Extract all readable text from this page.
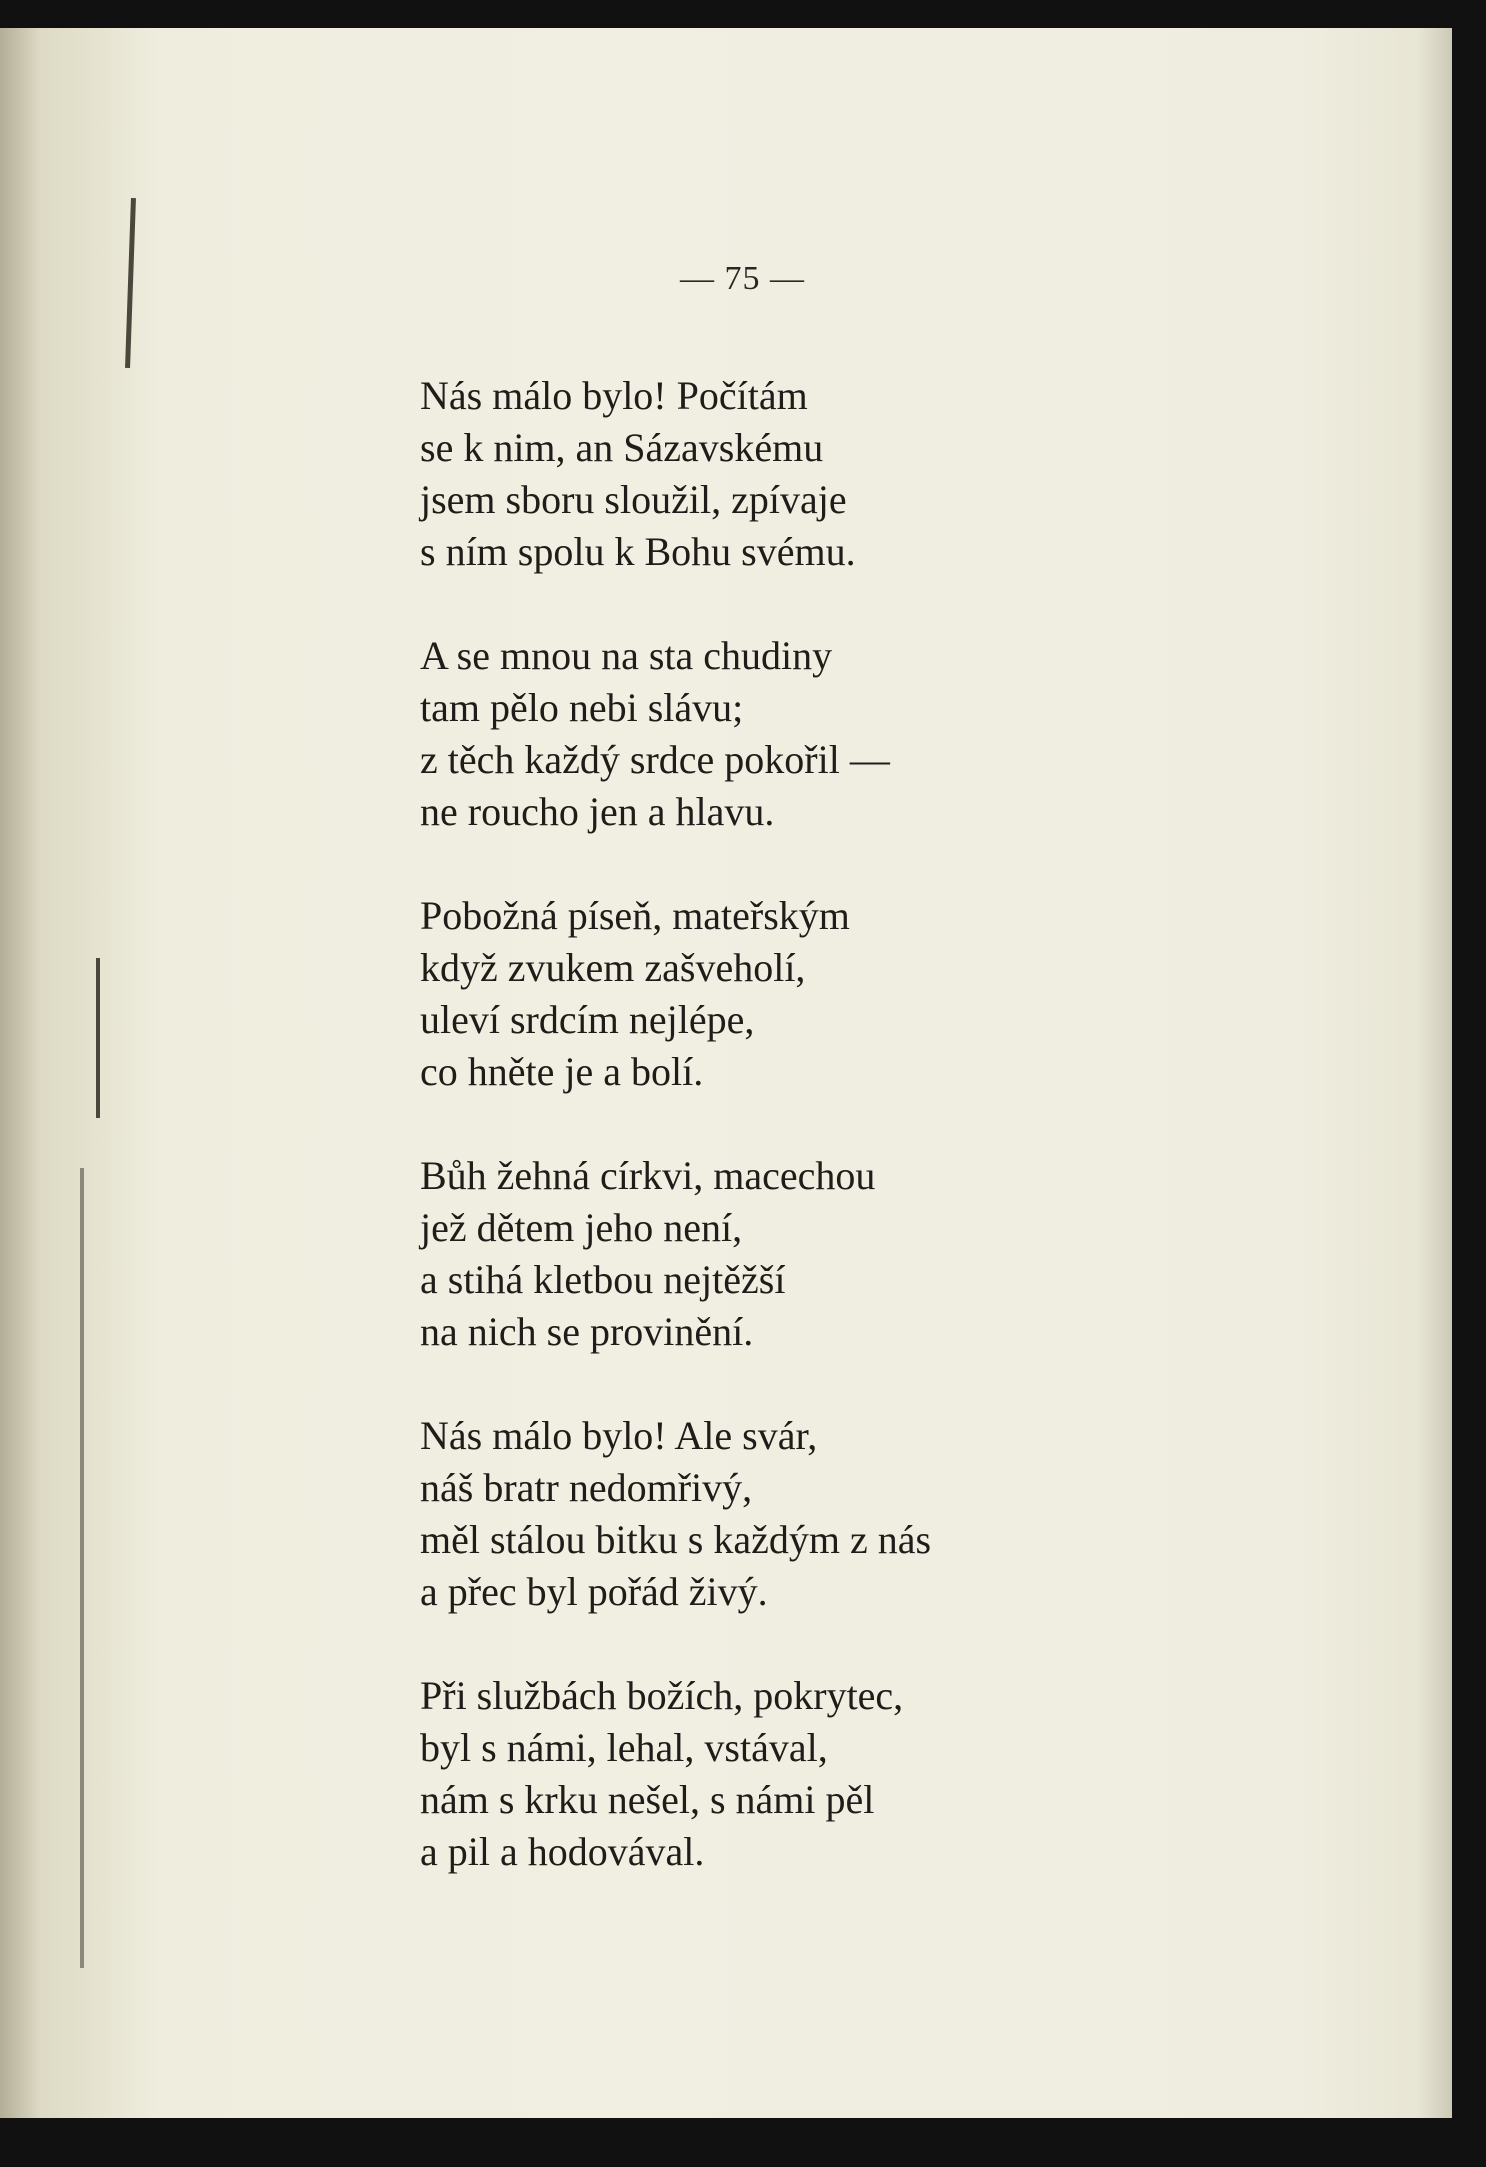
— 75 —
Nás málo bylo! Počítám
se k nim, an Sázavskému
jsem sboru sloužil, zpívaje
s ním spolu k Bohu svému.
A se mnou na sta chudiny
tam pělo nebi slávu;
z těch každý srdce pokořil —
ne roucho jen a hlavu.
Pobožná píseň, mateřským
když zvukem zašveholí,
uleví srdcím nejlépe,
co hněte je a bolí.
Bůh žehná církvi, macechou
jež dětem jeho není,
a stihá kletbou nejtěžší
na nich se provinění.
Nás málo bylo! Ale svár,
náš bratr nedomřivý,
měl stálou bitku s každým z nás
a přec byl pořád živý.
Při službách božích, pokrytec,
byl s námi, lehal, vstával,
nám s krku nešel, s námi pěl
a pil a hodovával.
